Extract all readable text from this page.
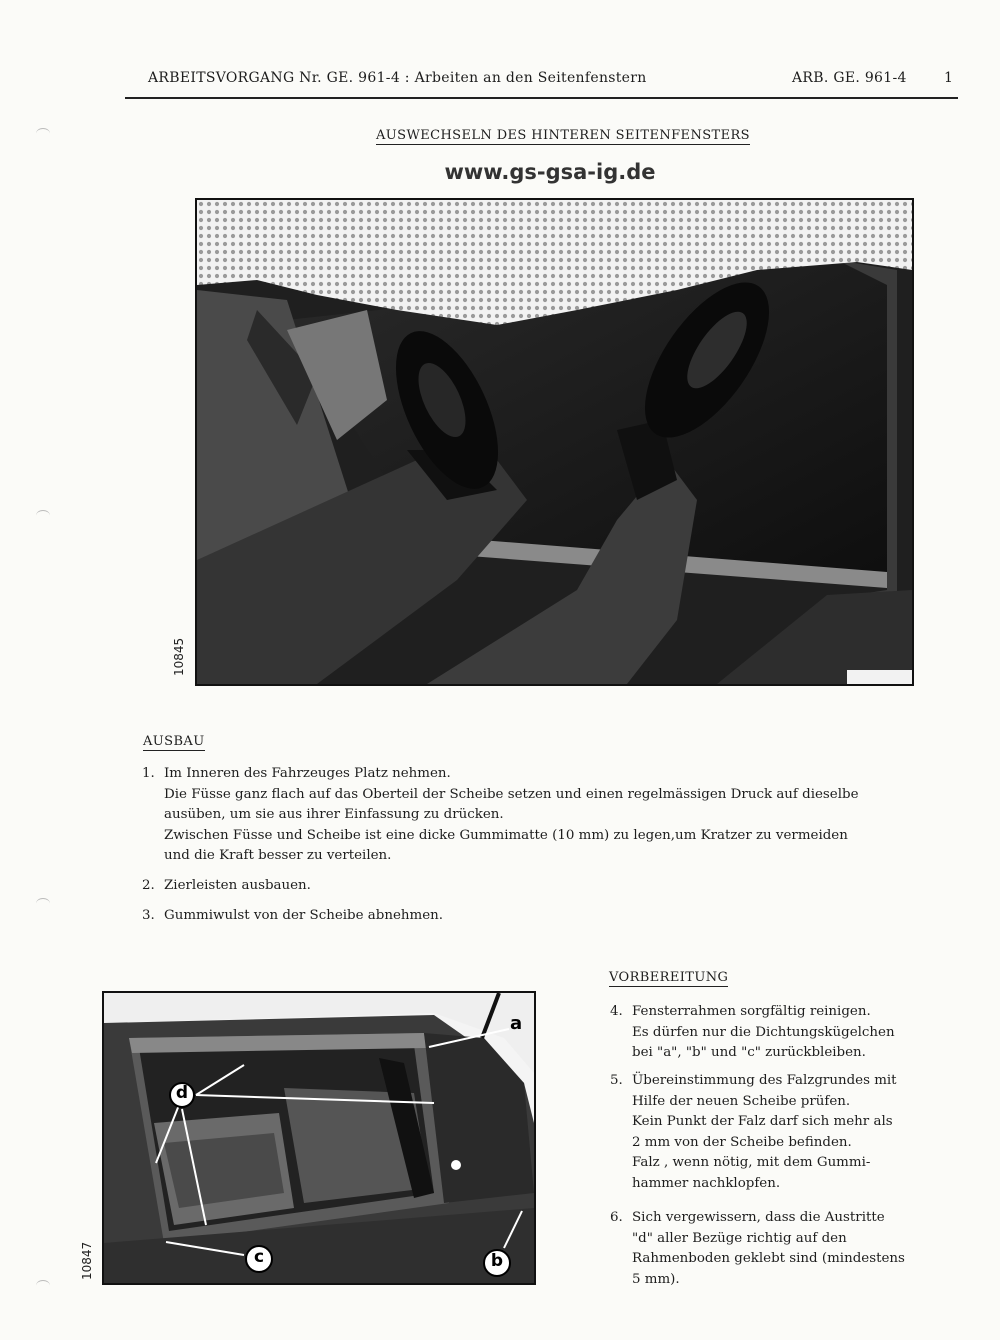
ARBEITSVORGANG Nr. GE. 961-4 : Arbeiten an den Seitenfenstern	ARB. GE. 961-4	1
AUSWECHSELN DES HINTEREN SEITENFENSTERS
www.gs-gsa-ig.de
10845
AUSBAU
1. Im Inneren des Fahrzeuges Platz nehmen.
Die Füsse ganz flach auf das Oberteil der Scheibe setzen und einen regelmässigen Druck auf dieselbe
ausüben, um sie aus ihrer Einfassung zu drücken.
Zwischen Füsse und Scheibe ist eine dicke Gummimatte (10 mm) zu legen,um Kratzer zu vermeiden
und die Kraft besser zu verteilen.
2. Zierleisten ausbauen.
3. Gummiwulst von der Scheibe abnehmen.
a
d
c	b
10847
VORBEREITUNG
4. Fensterrahmen sorgfältig reinigen.
Es dürfen nur die Dichtungskügelchen
bei "a", "b" und "c" zurückbleiben.
5. Übereinstimmung des Falzgrundes mit
Hilfe der neuen Scheibe prüfen.
Kein Punkt der Falz darf sich mehr als
2 mm von der Scheibe befinden.
Falz , wenn nötig, mit dem Gummi-
hammer nachklopfen.
6. Sich vergewissern, dass die Austritte
"d" aller Bezüge richtig auf den
Rahmenboden geklebt sind (mindestens
5 mm).
